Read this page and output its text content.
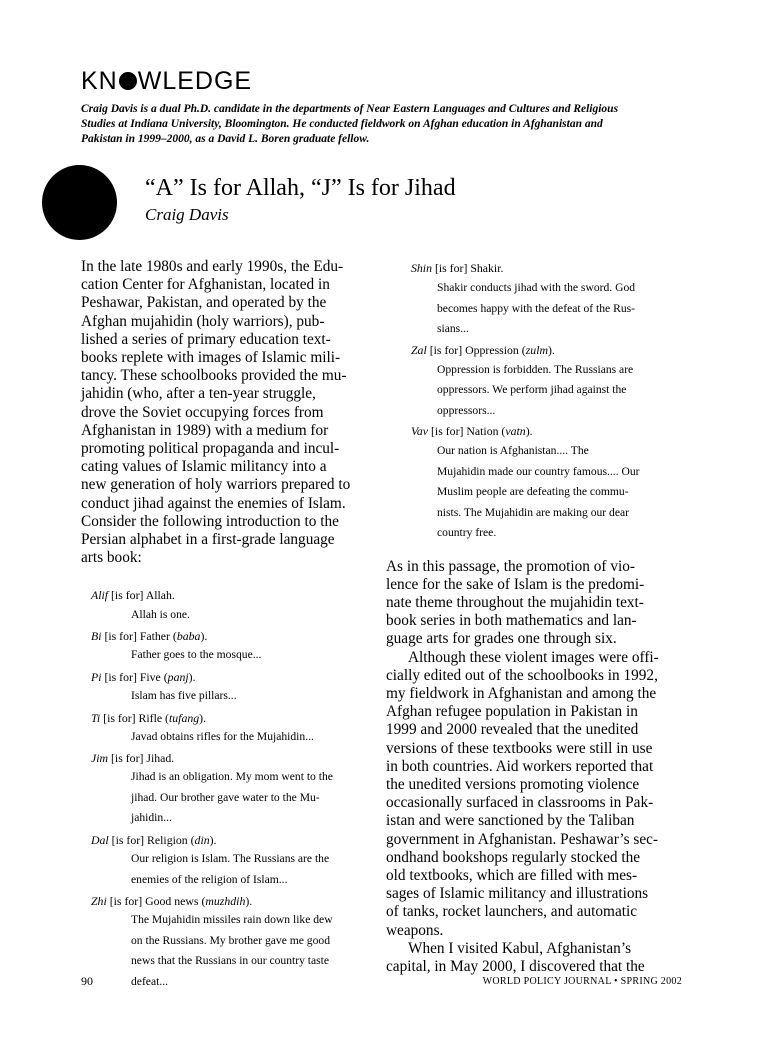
KN WLEDGE
Craig Davis is a dual Ph.D. candidate in the departments of Near Eastern Languages and Cultures and Religious
Studies at Indiana University, Bloomington. He conducted fieldwork on Afghan education in Afghanistan and
Pakistan in 1999–2000, as a David L. Boren graduate fellow.
“A” Is for Allah, “J” Is for Jihad
Craig Davis
In the late 1980s and early 1990s, the Edu-
cation Center for Afghanistan, located in
Peshawar, Pakistan, and operated by the
Afghan mujahidin (holy warriors), pub-
lished a series of primary education text-
books replete with images of Islamic mili-
tancy. These schoolbooks provided the mu-
jahidin (who, after a ten-year struggle,
drove the Soviet occupying forces from
Afghanistan in 1989) with a medium for
promoting political propaganda and incul-
cating values of Islamic militancy into a
new generation of holy warriors prepared to
conduct jihad against the enemies of Islam.
Consider the following introduction to the
Persian alphabet in a first-grade language
arts book:
Alif [is for] Allah.
Allah is one.
Bi [is for] Father (baba).
Father goes to the mosque...
Pi [is for] Five (panj).
Islam has five pillars...
Ti [is for] Rifle (tufang).
Javad obtains rifles for the Mujahidin...
Jim [is for] Jihad.
Jihad is an obligation. My mom went to the
jihad. Our brother gave water to the Mu-
jahidin...
Dal [is for] Religion (din).
Our religion is Islam. The Russians are the
enemies of the religion of Islam...
Zhi [is for] Good news (muzhdih).
The Mujahidin missiles rain down like dew
on the Russians. My brother gave me good
news that the Russians in our country taste
defeat...
Shin [is for] Shakir.
Shakir conducts jihad with the sword. God
becomes happy with the defeat of the Rus-
sians...
Zal [is for] Oppression (zulm).
Oppression is forbidden. The Russians are
oppressors. We perform jihad against the
oppressors...
Vav [is for] Nation (vatn).
Our nation is Afghanistan.... The
Mujahidin made our country famous.... Our
Muslim people are defeating the commu-
nists. The Mujahidin are making our dear
country free.
As in this passage, the promotion of vio-
lence for the sake of Islam is the predomi-
nate theme throughout the mujahidin text-
book series in both mathematics and lan-
guage arts for grades one through six.
Although these violent images were offi-
cially edited out of the schoolbooks in 1992,
my fieldwork in Afghanistan and among the
Afghan refugee population in Pakistan in
1999 and 2000 revealed that the unedited
versions of these textbooks were still in use
in both countries. Aid workers reported that
the unedited versions promoting violence
occasionally surfaced in classrooms in Pak-
istan and were sanctioned by the Taliban
government in Afghanistan. Peshawar’s sec-
ondhand bookshops regularly stocked the
old textbooks, which are filled with mes-
sages of Islamic militancy and illustrations
of tanks, rocket launchers, and automatic
weapons.
When I visited Kabul, Afghanistan’s
capital, in May 2000, I discovered that the
90	WORLD POLICY JOURNAL • SPRING 2002
